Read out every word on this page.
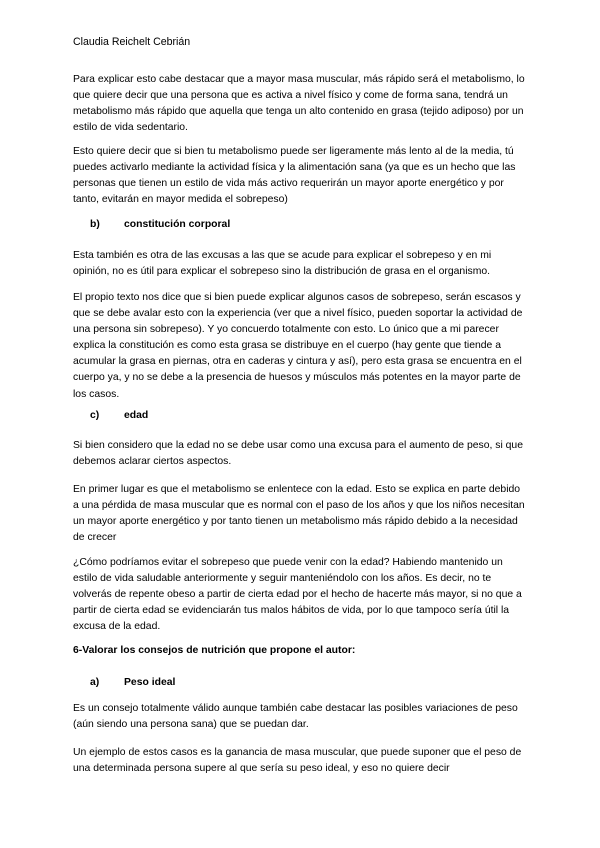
Claudia Reichelt Cebrián

Para explicar esto cabe destacar que a mayor masa muscular, más rápido será el metabolismo, lo que quiere decir que una persona que es activa a nivel físico y come de forma sana, tendrá un metabolismo más rápido que aquella que tenga un alto contenido en grasa (tejido adiposo) por un estilo de vida sedentario.

Esto quiere decir que si bien tu metabolismo puede ser ligeramente más lento al de la media, tú puedes activarlo mediante la actividad física y la alimentación sana (ya que es un hecho que las personas que tienen un estilo de vida más activo requerirán un mayor aporte energético y por tanto, evitarán en mayor medida el sobrepeso)

b) constitución corporal

Esta también es otra de las excusas a las que se acude para explicar el sobrepeso y en mi opinión, no es útil para explicar el sobrepeso sino la distribución de grasa en el organismo.

El propio texto nos dice que si bien puede explicar algunos casos de sobrepeso, serán escasos y que se debe avalar esto con la experiencia (ver que a nivel físico, pueden soportar la actividad de una persona sin sobrepeso). Y yo concuerdo totalmente con esto. Lo único que a mi parecer explica la constitución es como esta grasa se distribuye en el cuerpo (hay gente que tiende a acumular la grasa en piernas, otra en caderas y cintura y así), pero esta grasa se encuentra en el cuerpo ya, y no se debe a la presencia de huesos y músculos más potentes en la mayor parte de los casos.

c) edad

Si bien considero que la edad no se debe usar como una excusa para el aumento de peso, si que debemos aclarar ciertos aspectos.

En primer lugar es que el metabolismo se enlentece con la edad. Esto se explica en parte debido a una pérdida de masa muscular que es normal con el paso de los años y que los niños necesitan un mayor aporte energético y por tanto tienen un metabolismo más rápido debido a la necesidad de crecer

¿Cómo podríamos evitar el sobrepeso que puede venir con la edad? Habiendo mantenido un estilo de vida saludable anteriormente y seguir manteniéndolo con los años. Es decir, no te volverás de repente obeso a partir de cierta edad por el hecho de hacerte más mayor, si no que a partir de cierta edad se evidenciarán tus malos hábitos de vida, por lo que tampoco sería útil la excusa de la edad.

6-Valorar los consejos de nutrición que propone el autor:
a) Peso ideal

Es un consejo totalmente válido aunque también cabe destacar las posibles variaciones de peso (aún siendo una persona sana) que se puedan dar.

Un ejemplo de estos casos es la ganancia de masa muscular, que puede suponer que el peso de una determinada persona supere al que sería su peso ideal, y eso no quiere decir
